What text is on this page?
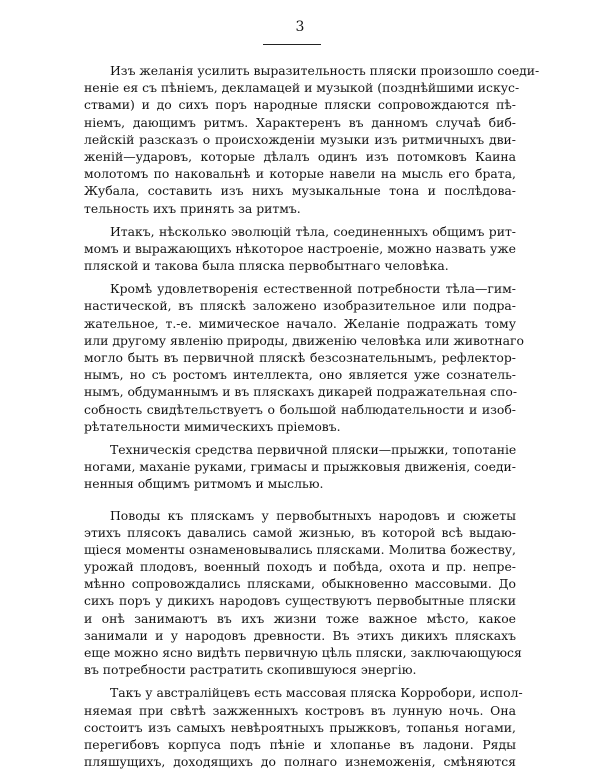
3
Изъ желанія усилить выразительность пляски произошло соеди-
неніе ея съ пѣніемъ, декламацей и музыкой (позднѣйшими искус-
ствами) и до сихъ поръ народные пляски сопровождаются пѣ-
ніемъ, дающимъ ритмъ. Характеренъ въ данномъ случаѣ биб-
лейскій разсказъ о происхожденіи музыки изъ ритмичныхъ дви-
женій—ударовъ, которые дѣлалъ одинъ изъ потомковъ Каина
молотомъ по наковальнѣ и которые навели на мысль его брата,
Жубала, составить изъ нихъ музыкальные тона и послѣдова-
тельность ихъ принять за ритмъ.
Итакъ, нѣсколько эволюцій тѣла, соединенныхъ общимъ рит-
момъ и выражающихъ нѣкоторое настроеніе, можно назвать уже
пляской и такова была пляска первобытнаго человѣка.
Кромѣ удовлетворенія естественной потребности тѣла—гим-
настической, въ пляскѣ заложено изобразительное или подра-
жательное, т.-е. мимическое начало. Желаніе подражать тому
или другому явленію природы, движенію человѣка или животнаго
могло быть въ первичной пляскѣ безсознательнымъ, рефлектор-
нымъ, но съ ростомъ интеллекта, оно является уже сознатель-
нымъ, обдуманнымъ и въ пляскахъ дикарей подражательная спо-
собность свидѣтельствуетъ о большой наблюдательности и изоб-
рѣтательности мимическихъ пріемовъ.
Техническія средства первичной пляски—прыжки, топотаніе
ногами, маханіе руками, гримасы и прыжковыя движенія, соеди-
ненныя общимъ ритмомъ и мыслью.
Поводы къ пляскамъ у первобытныхъ народовъ и сюжеты
этихъ плясокъ давались самой жизнью, въ которой всѣ выдаю-
щіеся моменты ознаменовывались плясками. Молитва божеству,
урожай плодовъ, военный походъ и побѣда, охота и пр. непре-
мѣнно сопровождались плясками, обыкновенно массовыми. До
сихъ поръ у дикихъ народовъ существуютъ первобытные пляски
и онѣ занимаютъ въ ихъ жизни тоже важное мѣсто, какое
занимали и у народовъ древности. Въ этихъ дикихъ пляскахъ
еще можно ясно видѣть первичную цѣль пляски, заключающуюся
въ потребности растратить скопившуюся энергію.
Такъ у австралійцевъ есть массовая пляска Корробори, испол-
няемая при свѣтѣ зажженныхъ костровъ въ лунную ночь. Она
состоитъ изъ самыхъ невѣроятныхъ прыжковъ, топанья ногами,
перегибовъ корпуса подъ пѣніе и хлопанье въ ладони. Ряды
пляшущихъ, доходящихъ до полнаго изнеможенія, смѣняются
